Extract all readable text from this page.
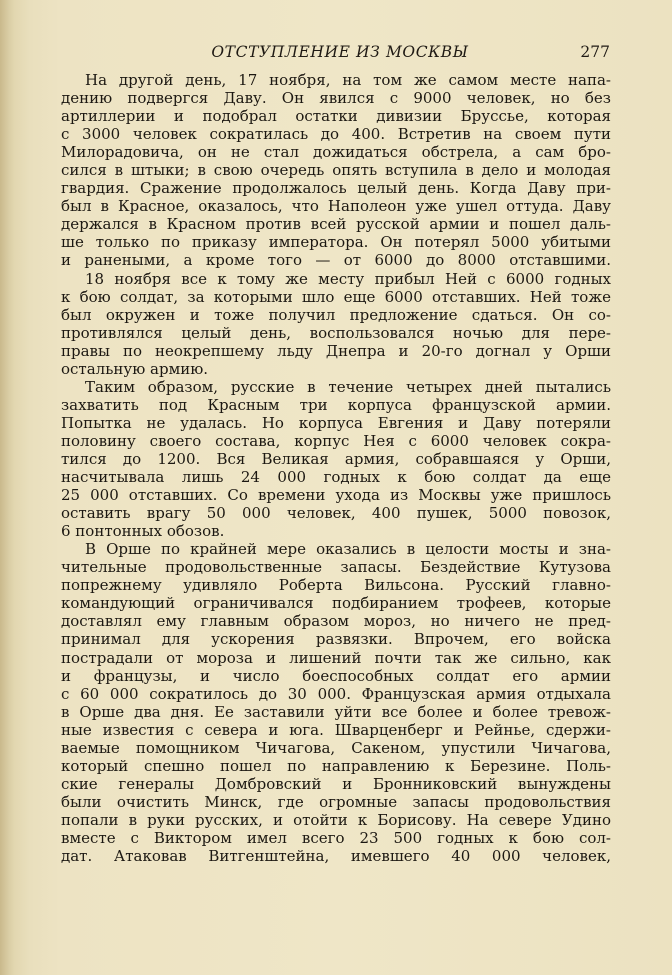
ОТСТУПЛЕНИЕ ИЗ МОСКВЫ	277
На другой день, 17 ноября, на том же самом месте напа-
дению подвергся Даву. Он явился с 9000 человек, но без
артиллерии и подобрал остатки дивизии Бруссье, которая
с 3000 человек сократилась до 400. Встретив на своем пути
Милорадовича, он не стал дожидаться обстрела, а сам бро-
сился в штыки; в свою очередь опять вступила в дело и молодая
гвардия. Сражение продолжалось целый день. Когда Даву при-
был в Красное, оказалось, что Наполеон уже ушел оттуда. Даву
держался в Красном против всей русской армии и пошел даль-
ше только по приказу императора. Он потерял 5000 убитыми
и ранеными, а кроме того — от 6000 до 8000 отставшими.
18 ноября все к тому же месту прибыл Ней с 6000 годных
к бою солдат, за которыми шло еще 6000 отставших. Ней тоже
был окружен и тоже получил предложение сдаться. Он со-
противлялся целый день, воспользовался ночью для пере-
правы по неокрепшему льду Днепра и 20-го догнал у Орши
остальную армию.
Таким образом, русские в течение четырех дней пытались
захватить под Красным три корпуса французской армии.
Попытка не удалась. Но корпуса Евгения и Даву потеряли
половину своего состава, корпус Нея с 6000 человек сокра-
тился до 1200. Вся Великая армия, собравшаяся у Орши,
насчитывала лишь 24 000 годных к бою солдат да еще
25 000 отставших. Со времени ухода из Москвы уже пришлось
оставить врагу 50 000 человек, 400 пушек, 5000 повозок,
6 понтонных обозов.
В Орше по крайней мере оказались в целости мосты и зна-
чительные продовольственные запасы. Бездействие Кутузова
попрежнему удивляло Роберта Вильсона. Русский главно-
командующий ограничивался подбиранием трофеев, которые
доставлял ему главным образом мороз, но ничего не пред-
принимал для ускорения развязки. Впрочем, его войска
пострадали от мороза и лишений почти так же сильно, как
и французы, и число боеспособных солдат его армии
с 60 000 сократилось до 30 000. Французская армия отдыхала
в Орше два дня. Ее заставили уйти все более и более тревож-
ные известия с севера и юга. Шварценберг и Рейнье, сдержи-
ваемые помощником Чичагова, Сакеном, упустили Чичагова,
который спешно пошел по направлению к Березине. Поль-
ские генералы Домбровский и Бронниковский вынуждены
были очистить Минск, где огромные запасы продовольствия
попали в руки русских, и отойти к Борисову. На севере Удино
вместе с Виктором имел всего 23 500 годных к бою сол-
дат. Атаковав Витгенштейна, имевшего 40 000 человек,
